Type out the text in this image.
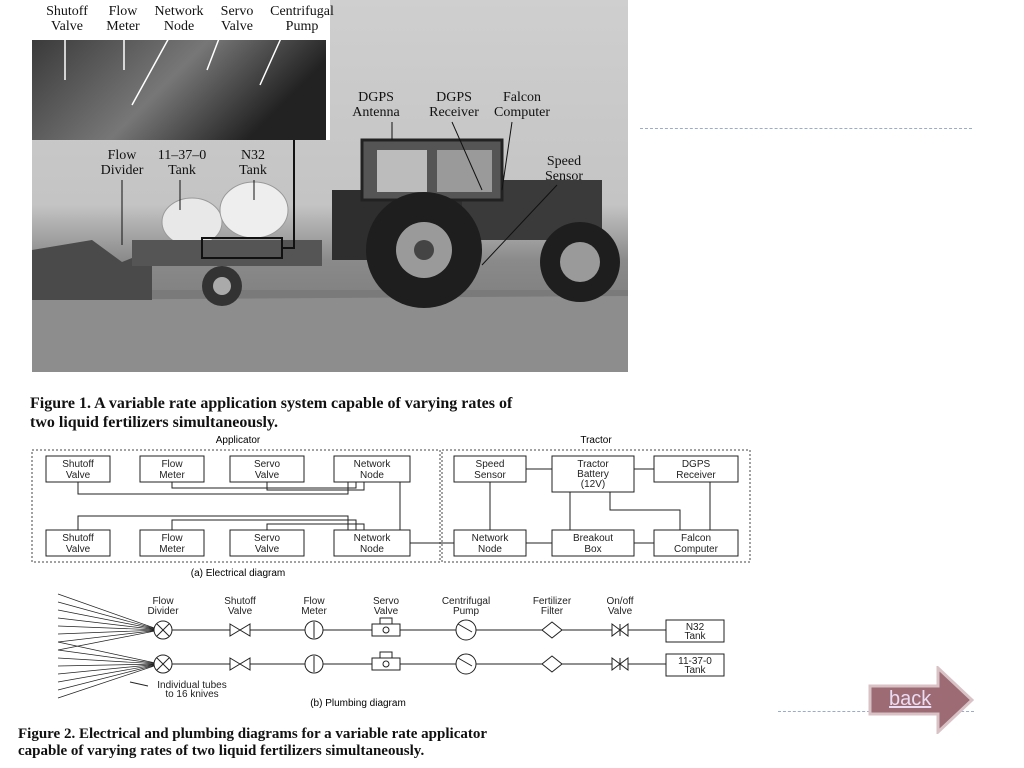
Shutoff
Valve
Flow
Meter
Network
Node
Servo
Valve
Centrifugal
Pump
DGPS
Antenna
DGPS
Receiver
Falcon
Computer
Speed
Sensor
Flow
Divider
11–37–0
Tank
N32
Tank
Figure 1. A variable rate application system capable of varying rates of
two liquid fertilizers simultaneously.
Applicator	Tractor
Shutoff
Valve
Flow
Meter
Servo
Valve
Network
Node
Shutoff
Valve
Flow
Meter
Servo
Valve
Network
Node
Speed
Sensor
Tractor
Battery
(12V)
DGPS
Receiver
Network
Node
Breakout
Box
Falcon
Computer
(a) Electrical diagram
Flow
Divider
Shutoff
Valve
Flow
Meter
Servo
Valve
Centrifugal
Pump
Fertilizer
Filter
On/off
Valve
N32
Tank
11-37-0
Tank
Individual tubes
to 16 knives
(b) Plumbing diagram
Figure 2. Electrical and plumbing diagrams for a variable rate applicator
capable of varying rates of two liquid fertilizers simultaneously.
back
